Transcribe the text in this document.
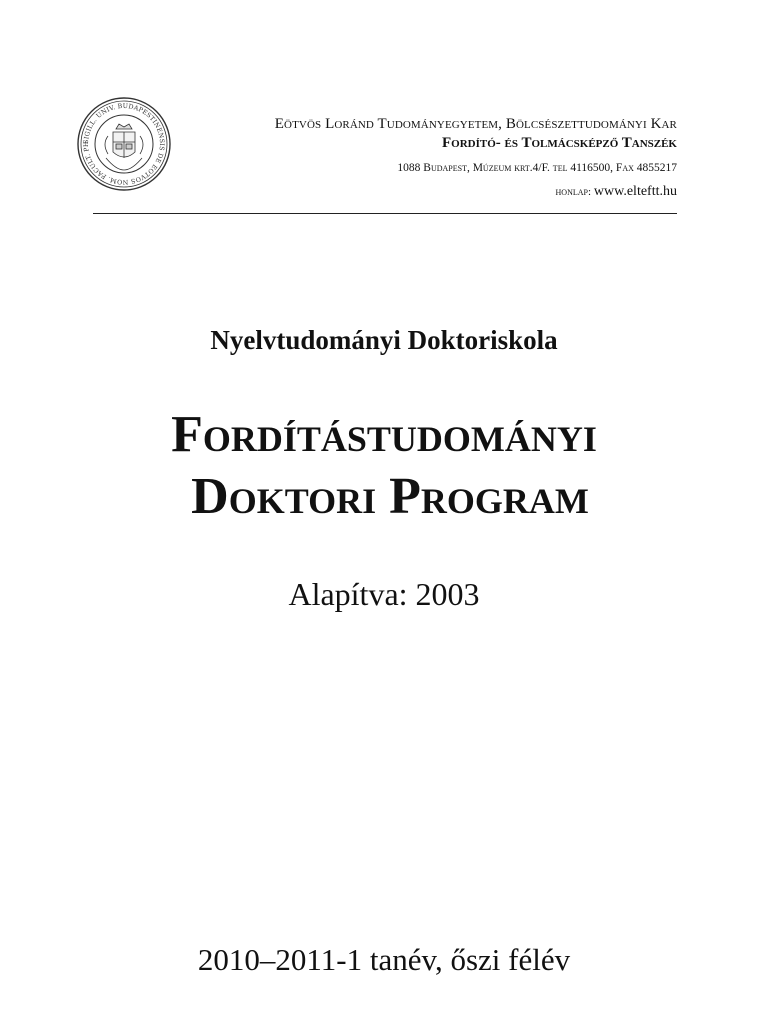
SIGILL. UNIV. BUDAPESTINENSIS DE EOTVOS NOM. FACULT. PH
Eötvös Loránd Tudományegyetem, Bölcsészettudományi Kar
Fordító- és Tolmácsképző Tanszék
1088 Budapest, Múzeum krt.4/F. tel 4116500, Fax 4855217
honlap: www.elteftt.hu
Nyelvtudományi Doktoriskola
Fordítástudományi
Doktori Program
Alapítva: 2003
2010–2011-1 tanév, őszi félév
